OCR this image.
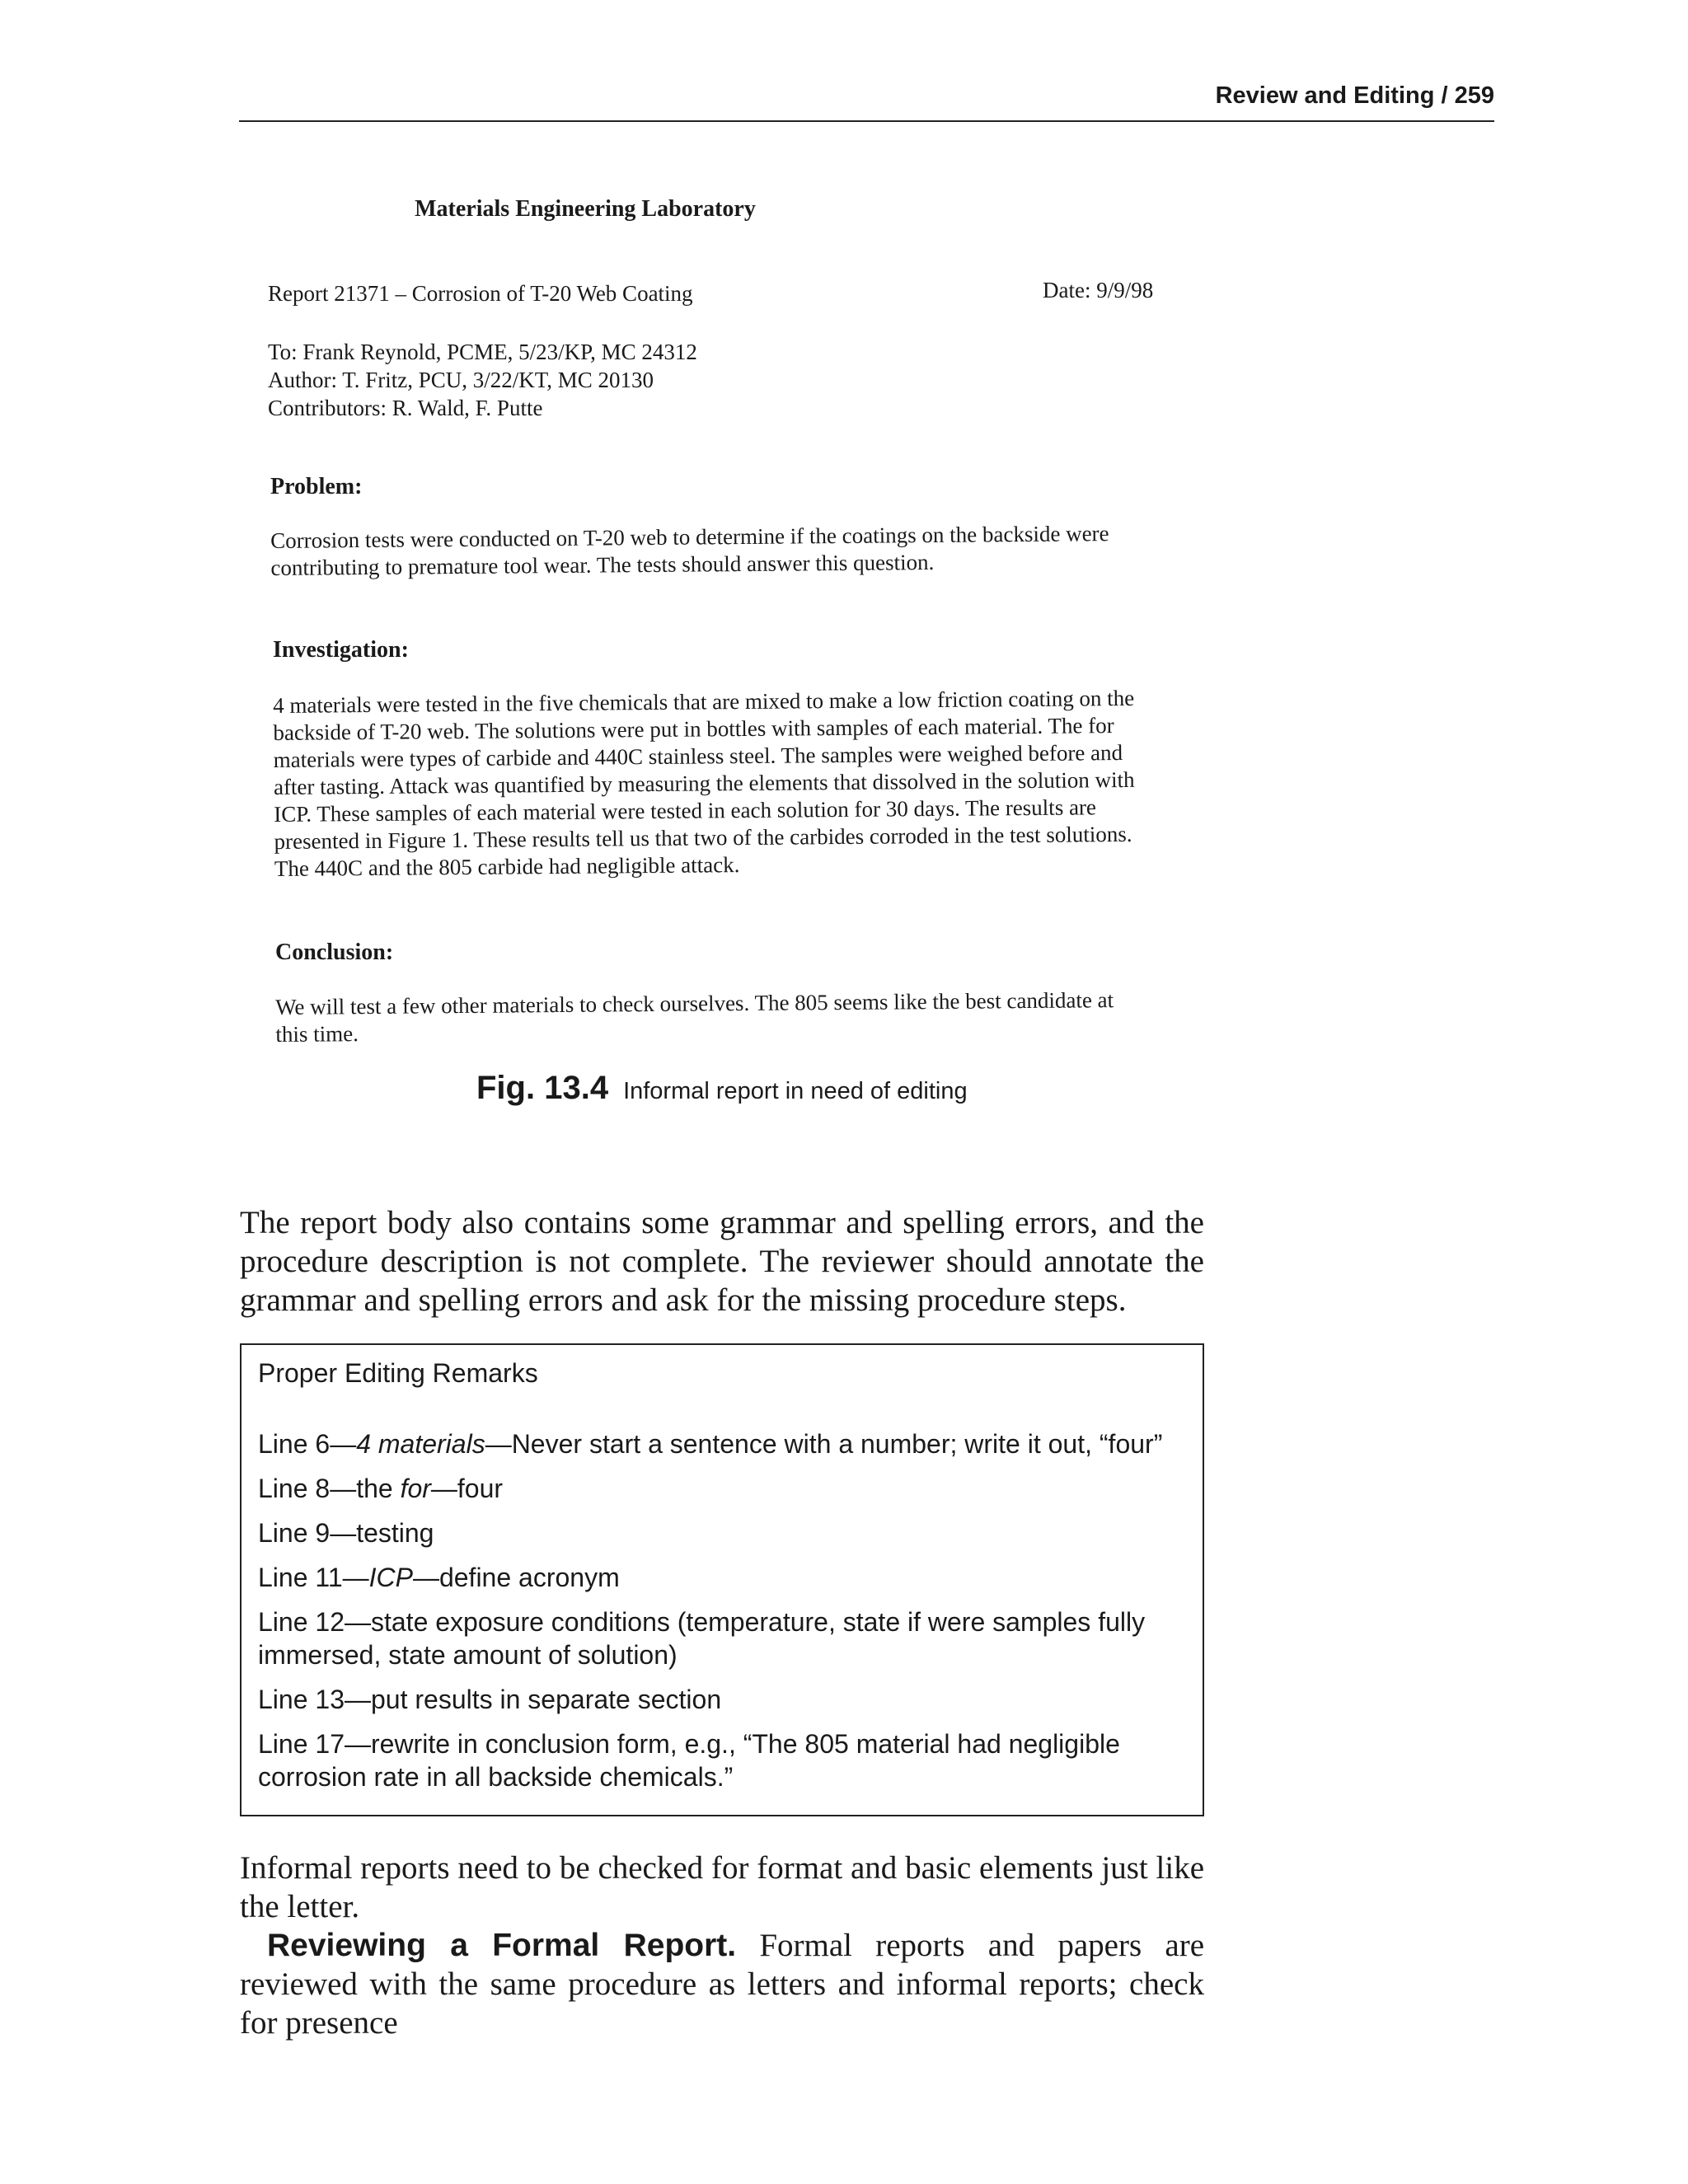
Review and Editing / 259
Materials Engineering Laboratory
Report 21371 – Corrosion of T-20 Web Coating	Date: 9/9/98
To: Frank Reynold, PCME, 5/23/KP, MC 24312
Author: T. Fritz, PCU, 3/22/KT, MC 20130
Contributors: R. Wald, F. Putte
Problem:
Corrosion tests were conducted on T-20 web to determine if the coatings on the backside were
contributing to premature tool wear. The tests should answer this question.
Investigation:
4 materials were tested in the five chemicals that are mixed to make a low friction coating on the
backside of T-20 web. The solutions were put in bottles with samples of each material. The for
materials were types of carbide and 440C stainless steel. The samples were weighed before and
after tasting. Attack was quantified by measuring the elements that dissolved in the solution with
ICP. These samples of each material were tested in each solution for 30 days. The results are
presented in Figure 1. These results tell us that two of the carbides corroded in the test solutions.
The 440C and the 805 carbide had negligible attack.
Conclusion:
We will test a few other materials to check ourselves. The 805 seems like the best candidate at
this time.
Fig. 13.4 Informal report in need of editing
The report body also contains some grammar and spelling errors, and the procedure description is not complete. The reviewer should annotate the grammar and spelling errors and ask for the missing procedure steps.
Proper Editing Remarks
Line 6—4 materials—Never start a sentence with a number; write it out, “four”
Line 8—the for—four
Line 9—testing
Line 11—ICP—define acronym
Line 12—state exposure conditions (temperature, state if were samples fully immersed, state amount of solution)
Line 13—put results in separate section
Line 17—rewrite in conclusion form, e.g., “The 805 material had negligible corrosion rate in all backside chemicals.”
Informal reports need to be checked for format and basic elements just like the letter.
Reviewing a Formal Report. Formal reports and papers are reviewed with the same procedure as letters and informal reports; check for presence
